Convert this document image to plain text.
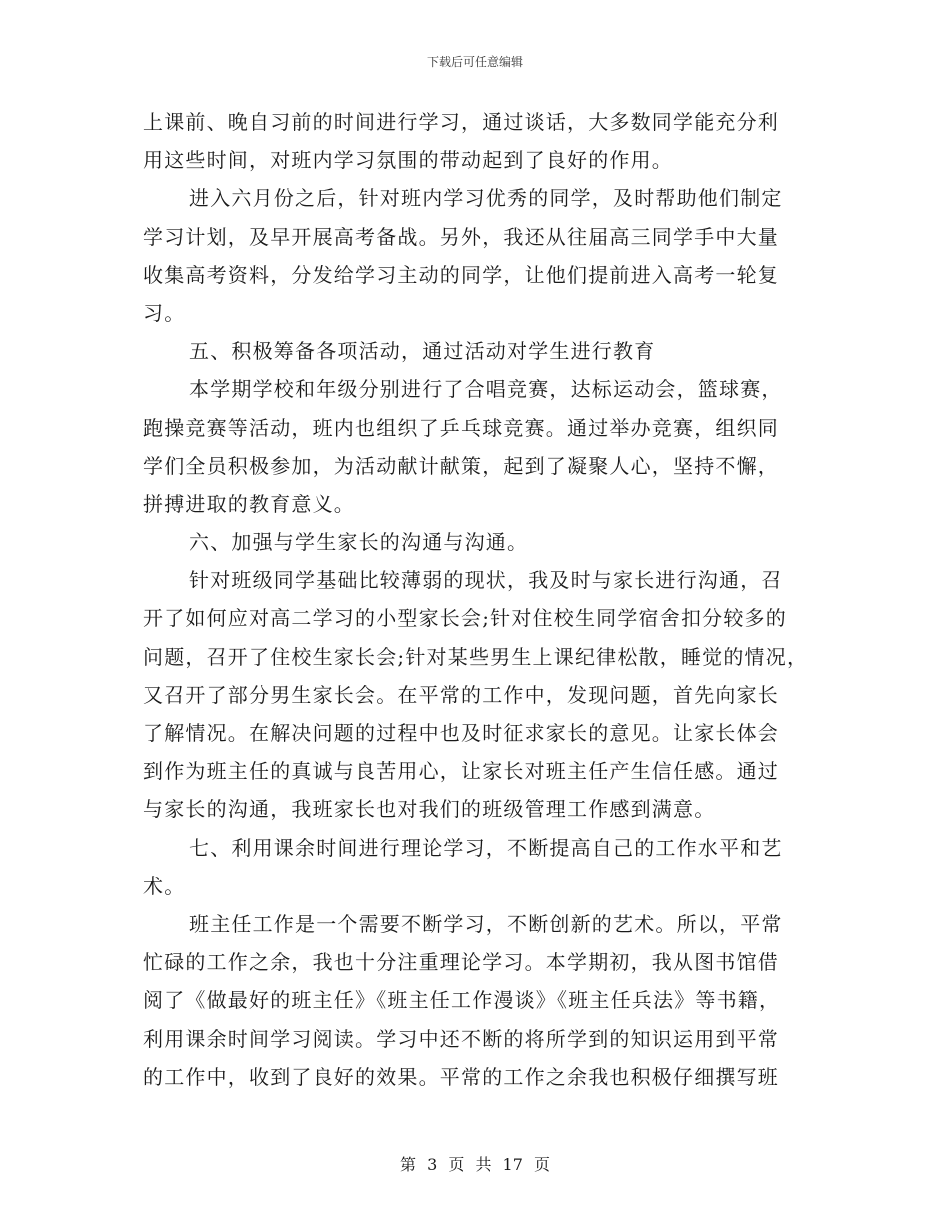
下载后可任意编辑
上课前、晚自习前的时间进行学习，通过谈话，大多数同学能充分利
用这些时间，对班内学习氛围的带动起到了良好的作用。
进入六月份之后，针对班内学习优秀的同学，及时帮助他们制定
学习计划，及早开展高考备战。另外，我还从往届高三同学手中大量
收集高考资料，分发给学习主动的同学，让他们提前进入高考一轮复
习。
五、积极筹备各项活动，通过活动对学生进行教育
本学期学校和年级分别进行了合唱竞赛，达标运动会，篮球赛，
跑操竞赛等活动，班内也组织了乒乓球竞赛。通过举办竞赛，组织同
学们全员积极参加，为活动献计献策，起到了凝聚人心，坚持不懈，
拼搏进取的教育意义。
六、加强与学生家长的沟通与沟通。
针对班级同学基础比较薄弱的现状，我及时与家长进行沟通，召
开了如何应对高二学习的小型家长会;针对住校生同学宿舍扣分较多的
问题，召开了住校生家长会;针对某些男生上课纪律松散，睡觉的情况，
又召开了部分男生家长会。在平常的工作中，发现问题，首先向家长
了解情况。在解决问题的过程中也及时征求家长的意见。让家长体会
到作为班主任的真诚与良苦用心，让家长对班主任产生信任感。通过
与家长的沟通，我班家长也对我们的班级管理工作感到满意。
七、利用课余时间进行理论学习，不断提高自己的工作水平和艺
术。
班主任工作是一个需要不断学习，不断创新的艺术。所以，平常
忙碌的工作之余，我也十分注重理论学习。本学期初，我从图书馆借
阅了《做最好的班主任》《班主任工作漫谈》《班主任兵法》等书籍，
利用课余时间学习阅读。学习中还不断的将所学到的知识运用到平常
的工作中，收到了良好的效果。平常的工作之余我也积极仔细撰写班
第 3 页 共 17 页
